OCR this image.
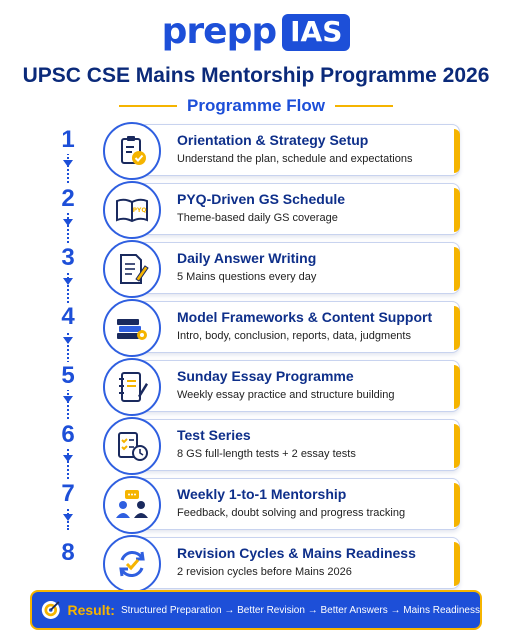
prepp IAS
UPSC CSE Mains Mentorship Programme 2026
Programme Flow
1	Orientation & Strategy Setup
Understand the plan, schedule and expectations
2	PYQ-Driven GS Schedule
Theme-based daily GS coverage
PYQ
3	Daily Answer Writing
5 Mains questions every day
4	Model Frameworks & Content Support
Intro, body, conclusion, reports, data, judgments
5	Sunday Essay Programme
Weekly essay practice and structure building
6	Test Series
8 GS full-length tests + 2 essay tests
7	Weekly 1-to-1 Mentorship
Feedback, doubt solving and progress tracking
8	Revision Cycles & Mains Readiness
2 revision cycles before Mains 2026
Result: Structured Preparation → Better Revision → Better Answers → Mains Readiness
